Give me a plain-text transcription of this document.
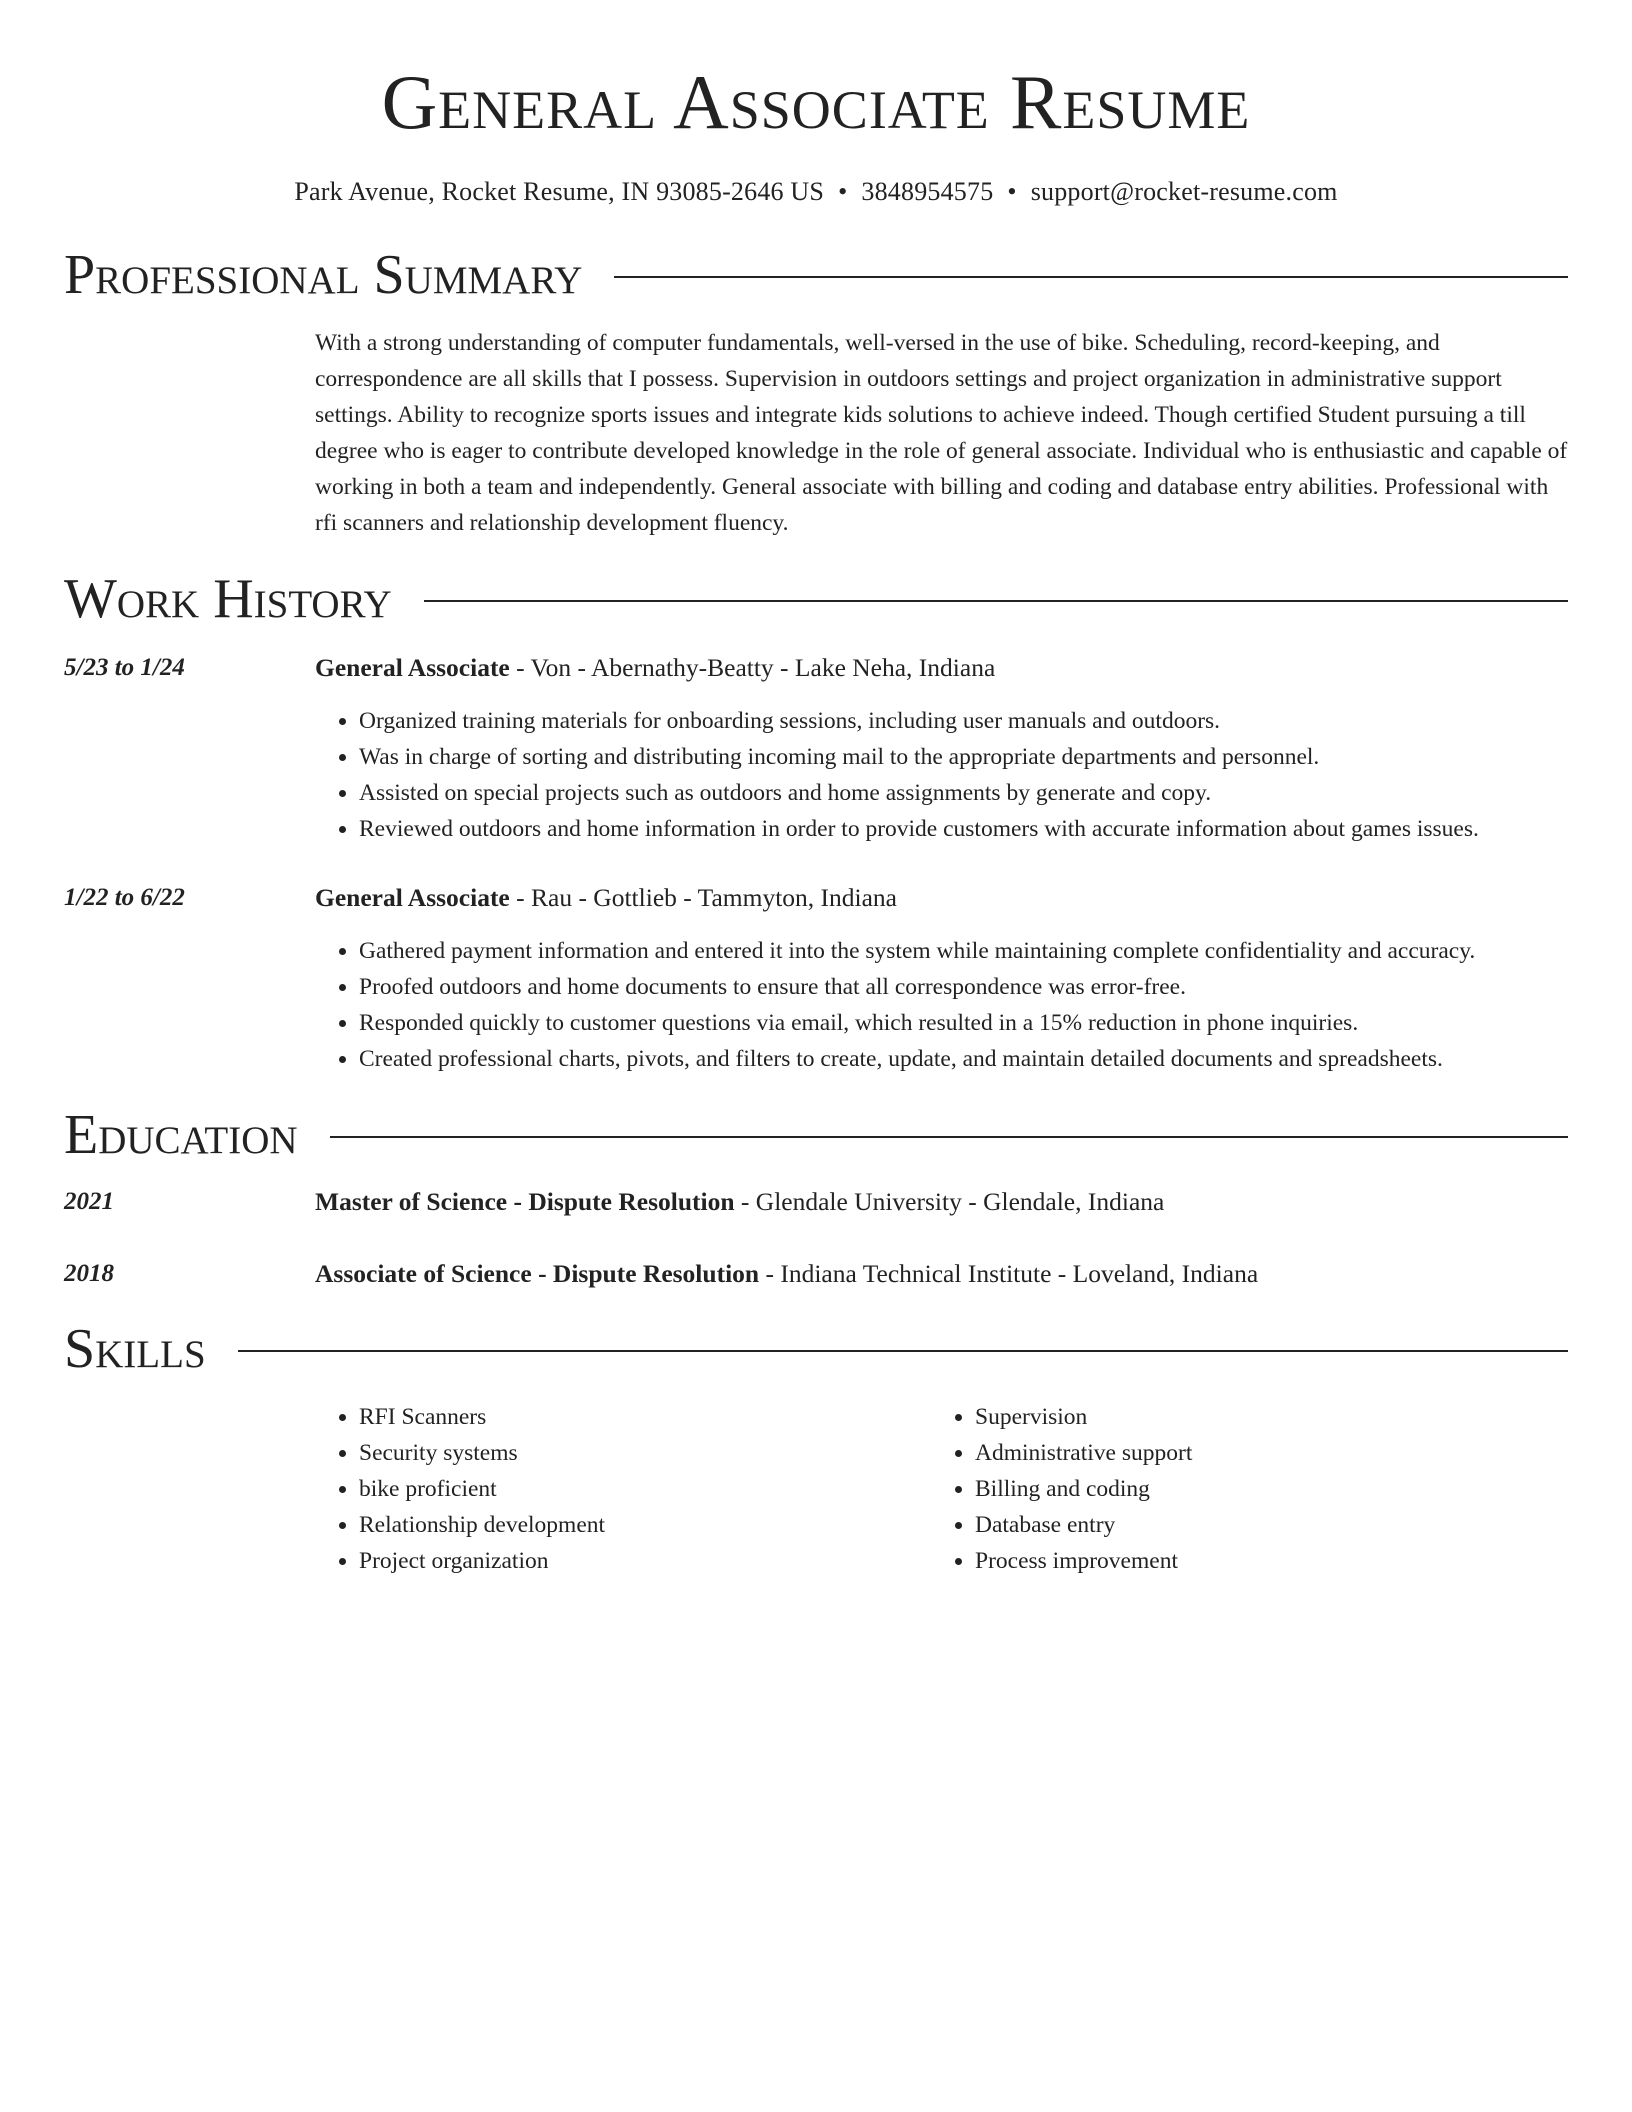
General Associate Resume
Park Avenue, Rocket Resume, IN 93085-2646 US • 3848954575 • support@rocket-resume.com
Professional Summary

With a strong understanding of computer fundamentals, well-versed in the use of bike. Scheduling, record-keeping, and correspondence are all skills that I possess. Supervision in outdoors settings and project organization in administrative support settings. Ability to recognize sports issues and integrate kids solutions to achieve indeed. Though certified Student pursuing a till degree who is eager to contribute developed knowledge in the role of general associate. Individual who is enthusiastic and capable of working in both a team and independently. General associate with billing and coding and database entry abilities. Professional with rfi scanners and relationship development fluency.

Work History
5/23 to 1/24	General Associate - Von - Abernathy-Beatty - Lake Neha, Indiana
• Organized training materials for onboarding sessions, including user manuals and outdoors.
• Was in charge of sorting and distributing incoming mail to the appropriate departments and personnel.
• Assisted on special projects such as outdoors and home assignments by generate and copy.
• Reviewed outdoors and home information in order to provide customers with accurate information about games issues.
1/22 to 6/22	General Associate - Rau - Gottlieb - Tammyton, Indiana
• Gathered payment information and entered it into the system while maintaining complete confidentiality and accuracy.
• Proofed outdoors and home documents to ensure that all correspondence was error-free.
• Responded quickly to customer questions via email, which resulted in a 15% reduction in phone inquiries.
• Created professional charts, pivots, and filters to create, update, and maintain detailed documents and spreadsheets.
Education
2021	Master of Science - Dispute Resolution - Glendale University - Glendale, Indiana
2018	Associate of Science - Dispute Resolution - Indiana Technical Institute - Loveland, Indiana
Skills
• RFI Scanners
• Security systems
• bike proficient
• Relationship development
• Project organization
• Supervision
• Administrative support
• Billing and coding
• Database entry
• Process improvement
